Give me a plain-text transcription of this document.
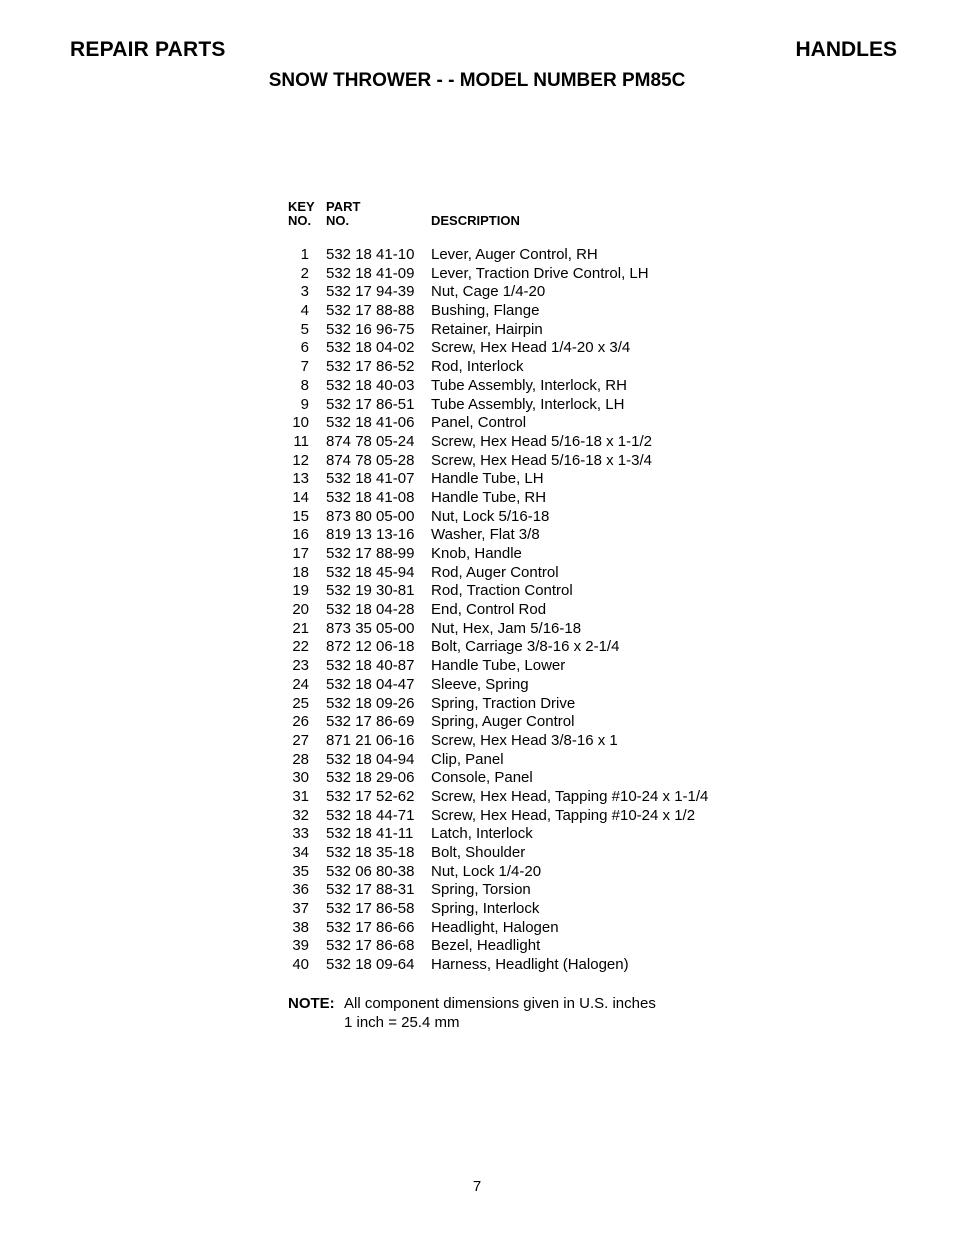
REPAIR PARTS	HANDLES
SNOW THROWER - - MODEL NUMBER PM85C
KEY
NO.
PART
NO.	DESCRIPTION
1 532 18 41-10 Lever, Auger Control, RH
2 532 18 41-09 Lever, Traction Drive Control, LH
3 532 17 94-39 Nut, Cage 1/4-20
4 532 17 88-88 Bushing, Flange
5 532 16 96-75 Retainer, Hairpin
6 532 18 04-02 Screw, Hex Head 1/4-20 x 3/4
7 532 17 86-52 Rod, Interlock
8 532 18 40-03 Tube Assembly, Interlock, RH
9 532 17 86-51 Tube Assembly, Interlock, LH
10 532 18 41-06 Panel, Control
11 874 78 05-24 Screw, Hex Head 5/16-18 x 1-1/2
12 874 78 05-28 Screw, Hex Head 5/16-18 x 1-3/4
13 532 18 41-07 Handle Tube, LH
14 532 18 41-08 Handle Tube, RH
15 873 80 05-00 Nut, Lock 5/16-18
16 819 13 13-16 Washer, Flat 3/8
17 532 17 88-99 Knob, Handle
18 532 18 45-94 Rod, Auger Control
19 532 19 30-81 Rod, Traction Control
20 532 18 04-28 End, Control Rod
21 873 35 05-00 Nut, Hex, Jam 5/16-18
22 872 12 06-18 Bolt, Carriage 3/8-16 x 2-1/4
23 532 18 40-87 Handle Tube, Lower
24 532 18 04-47 Sleeve, Spring
25 532 18 09-26 Spring, Traction Drive
26 532 17 86-69 Spring, Auger Control
27 871 21 06-16 Screw, Hex Head 3/8-16 x 1
28 532 18 04-94 Clip, Panel
30 532 18 29-06 Console, Panel
31 532 17 52-62 Screw, Hex Head, Tapping #10-24 x 1-1/4
32 532 18 44-71 Screw, Hex Head, Tapping #10-24 x 1/2
33 532 18 41-11 Latch, Interlock
34 532 18 35-18 Bolt, Shoulder
35 532 06 80-38 Nut, Lock 1/4-20
36 532 17 88-31 Spring, Torsion
37 532 17 86-58 Spring, Interlock
38 532 17 86-66 Headlight, Halogen
39 532 17 86-68 Bezel, Headlight
40 532 18 09-64 Harness, Headlight (Halogen)
NOTE: All component dimensions given in U.S. inches
1 inch = 25.4 mm
7
